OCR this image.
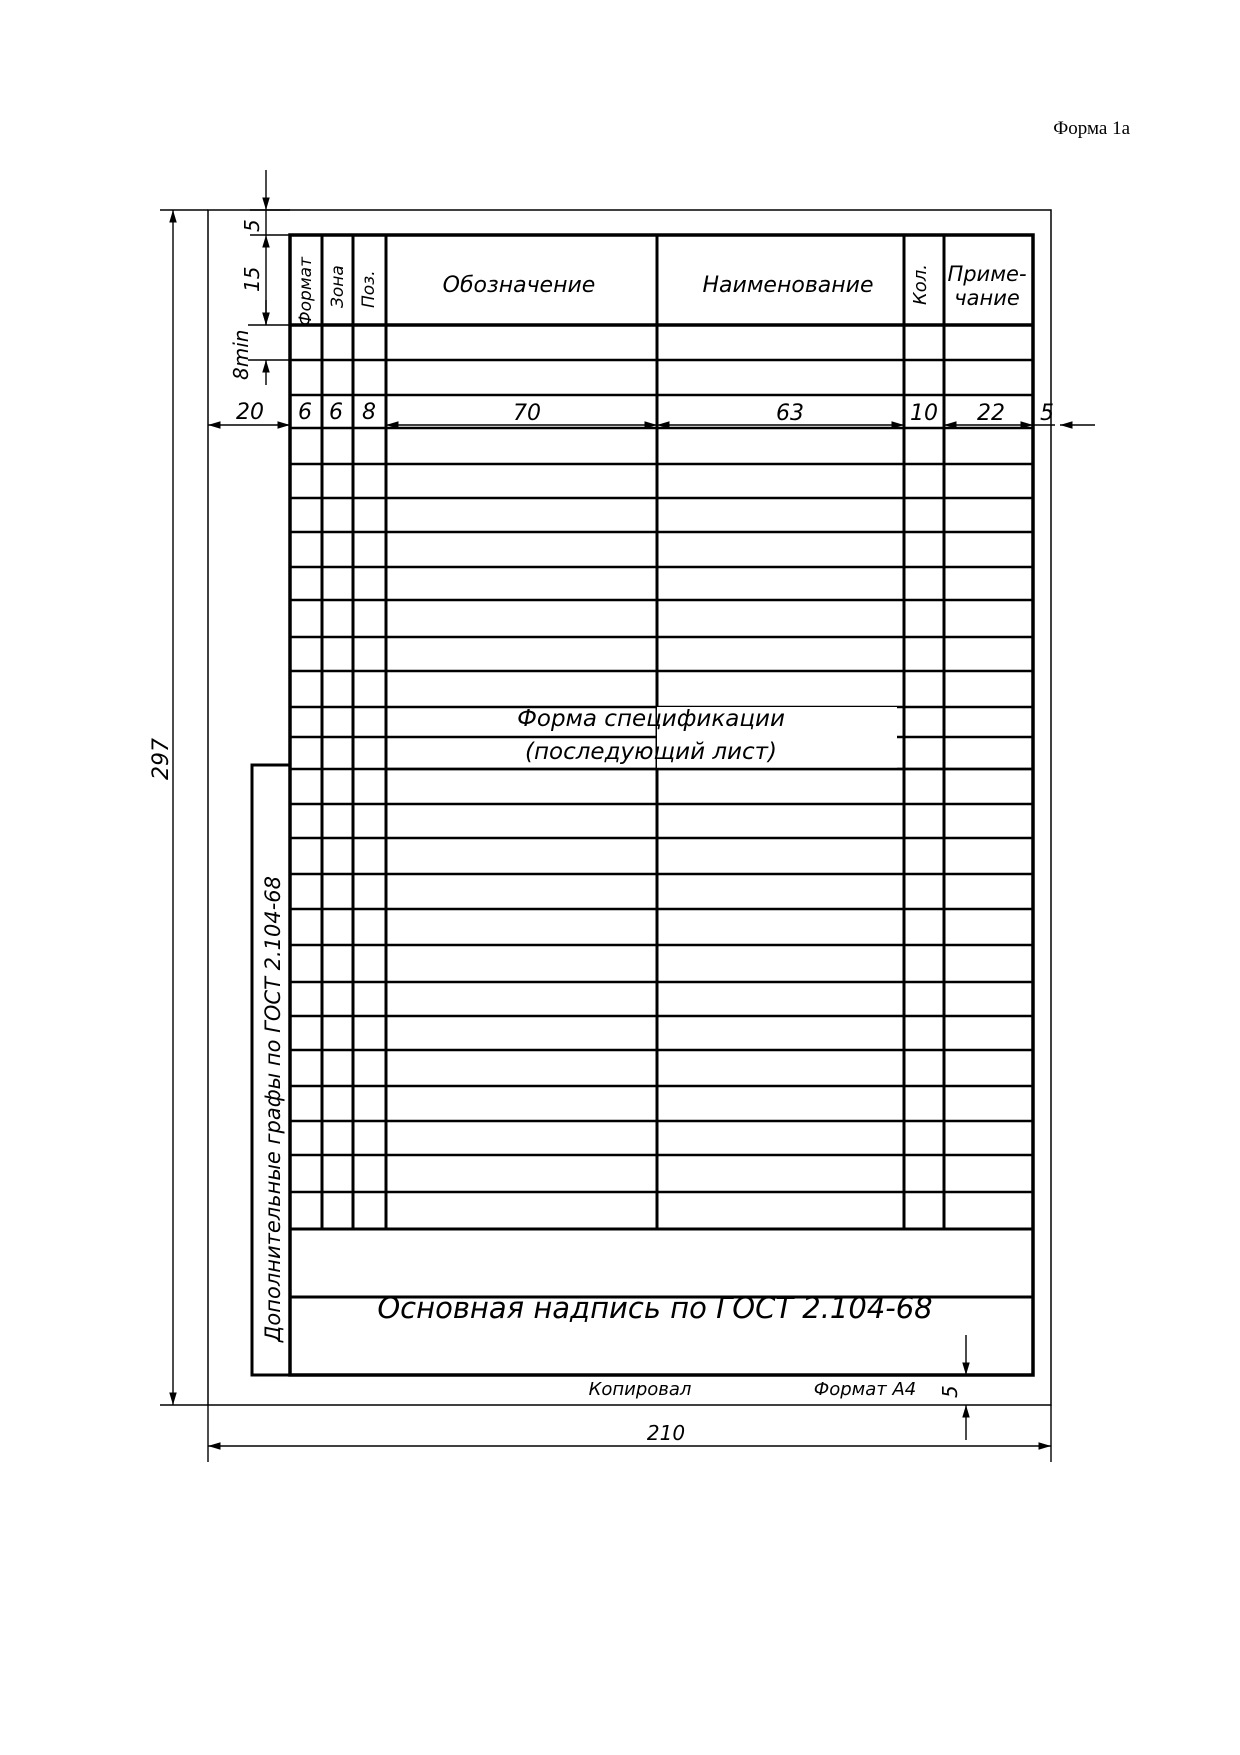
Форма 1а
Формат Зона Поз.	Обозначение	Наименование Кол. Приме-
чание
20 6 6 8	70	63	10 22 5
5
15
8min
297
210
5
Форма спецификации
(последующий лист)
Дополнительные графы по ГОСТ 2.104-68	Основная надпись по ГОСТ 2.104-68
Копировал	Формат А4
